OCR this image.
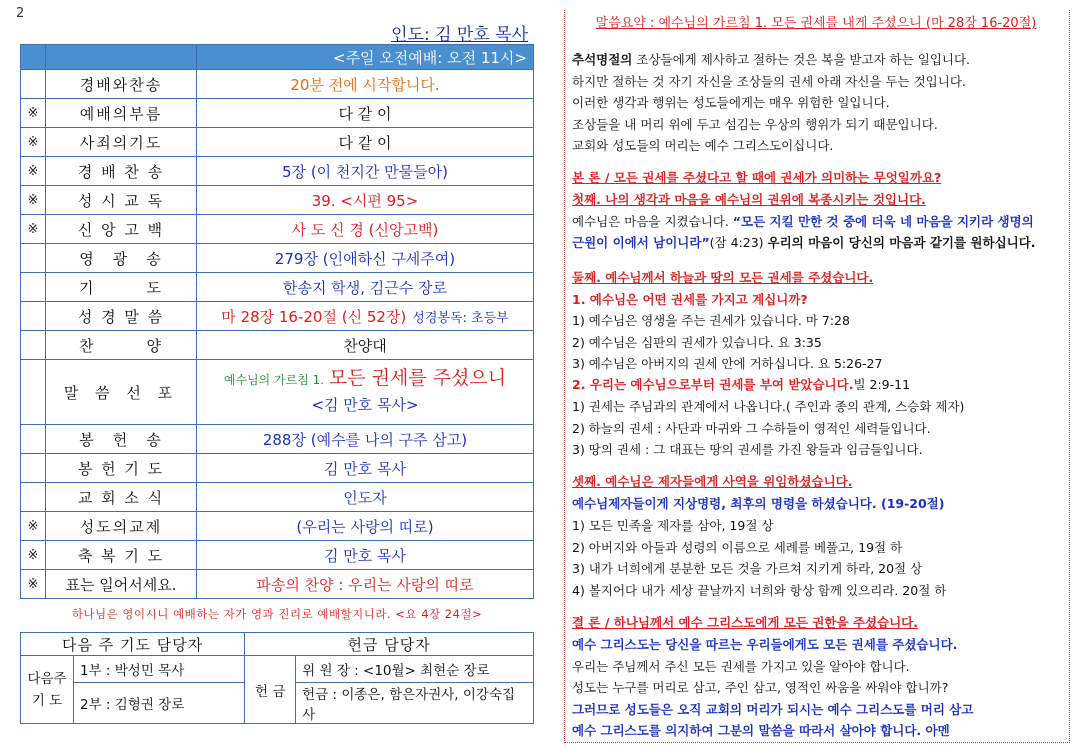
2
인도: 김 만호 목사
		<주일 오전예배: 오전 11시>
	경배와찬송	20분 전에 시작합니다.
※	예배의부름	다 같 이
※	사죄의기도	다 같 이
※	경 배 찬 송	5장 (이 천지간 만물들아)
※	성 시 교 독	39. <시편 95>
※	신 앙 고 백	사 도 신 경 (신앙고백)
	영　광　송	279장 (인애하신 구세주여)
	기　　　도	한송지 학생, 김근수 장로
	성 경 말 씀	마 28장 16-20절 (신 52장) 성경봉독: 초등부
	찬　　　양	찬양대
	말 씀 선 포	예수님의 가르침 1. 모든 권세를 주셨으니
<김 만호 목사>

	봉　헌　송	288장 (예수를 나의 구주 삼고)
	봉 헌 기 도	김 만호 목사
	교 회 소 식	인도자
※	성도의교제	(우리는 사랑의 띠로)
※	축 복 기 도	김 만호 목사
※	표는 일어서세요.	파송의 찬양 : 우리는 사랑의 띠로
하나님은 영이시니 예배하는 자가 영과 진리로 예배할지니라. <요 4장 24절>
다음 주 기도 담당자		헌금 담당자	
다음주 기 도	1부 : 박성민 목사	헌 금	위 원 장 : <10월> 최현순 장로
	2부 : 김형권 장로		헌금 : 이종은, 함은자권사, 이강숙집사
말씀요약 : 예수님의 가르침 1. 모든 권세를 내게 주셨으니 (마 28장 16-20절)
추석명절의 조상들에게 제사하고 절하는 것은 복을 받고자 하는 일입니다.
하지만 절하는 것 자기 자신을 조상들의 권세 아래 자신을 두는 것입니다.
이러한 생각과 행위는 성도들에게는 매우 위험한 일입니다.
조상들을 내 머리 위에 두고 섬김는 우상의 행위가 되기 때문입니다.
교회와 성도들의 머리는 예수 그리스도이십니다.
본 론 / 모든 권세를 주셨다고 할 때에 권세가 의미하는 무엇일까요?
첫째. 나의 생각과 마음을 예수님의 권위에 복종시키는 것입니다.
예수님은 마음을 지켰습니다. “모든 지킬 만한 것 중에 더욱 네 마음을 지키라 생명의
근원이 이에서 남이니라”(잠 4:23) 우리의 마음이 당신의 마음과 같기를 원하십니다.
둘째. 예수님께서 하늘과 땅의 모든 권세를 주셨습니다.
1. 예수님은 어떤 권세를 가지고 계십니까?
1) 예수님은 영생을 주는 권세가 있습니다. 마 7:28
2) 예수님은 심판의 권세가 있습니다. 요 3:35
3) 예수님은 아버지의 권세 안에 거하십니다. 요 5:26-27
2. 우리는 예수님으로부터 권세를 부여 받았습니다.빌 2:9-11
1) 권세는 주님과의 관계에서 나옵니다.( 주인과 종의 관계, 스승화 제자)
2) 하늘의 권세 : 사단과 마귀와 그 수하들이 영적인 세력들입니다.
3) 땅의 권세 : 그 대표는 땅의 권세를 가진 왕들과 임금들입니다.
셋째. 예수님은 제자들에게 사역을 위임하셨습니다.
예수님제자들이게 지상명령, 최후의 명령을 하셨습니다. (19-20절)
1) 모든 민족을 제자를 삼아, 19절 상
2) 아버지와 아들과 성령의 이름으로 세례를 베풀고, 19절 하
3) 내가 너희에게 분분한 모든 것을 가르쳐 지키게 하라, 20절 상
4) 볼지어다 내가 세상 끝날까지 너희와 항상 함께 있으리라. 20절 하
결 론 / 하나님께서 예수 그리스도에게 모든 권한을 주셨습니다.
예수 그리스도는 당신을 따르는 우리들에게도 모든 권세를 주셨습니다.
우리는 주님께서 주신 모든 권세를 가지고 있을 알아야 합니다.
성도는 누구를 머리로 삼고, 주인 삼고, 영적인 싸움을 싸워야 합니까?
그러므로 성도들은 오직 교회의 머리가 되시는 예수 그리스도를 머리 삼고
예수 그리스도를 의지하여 그분의 말씀을 따라서 살아야 합니다. 아멘
